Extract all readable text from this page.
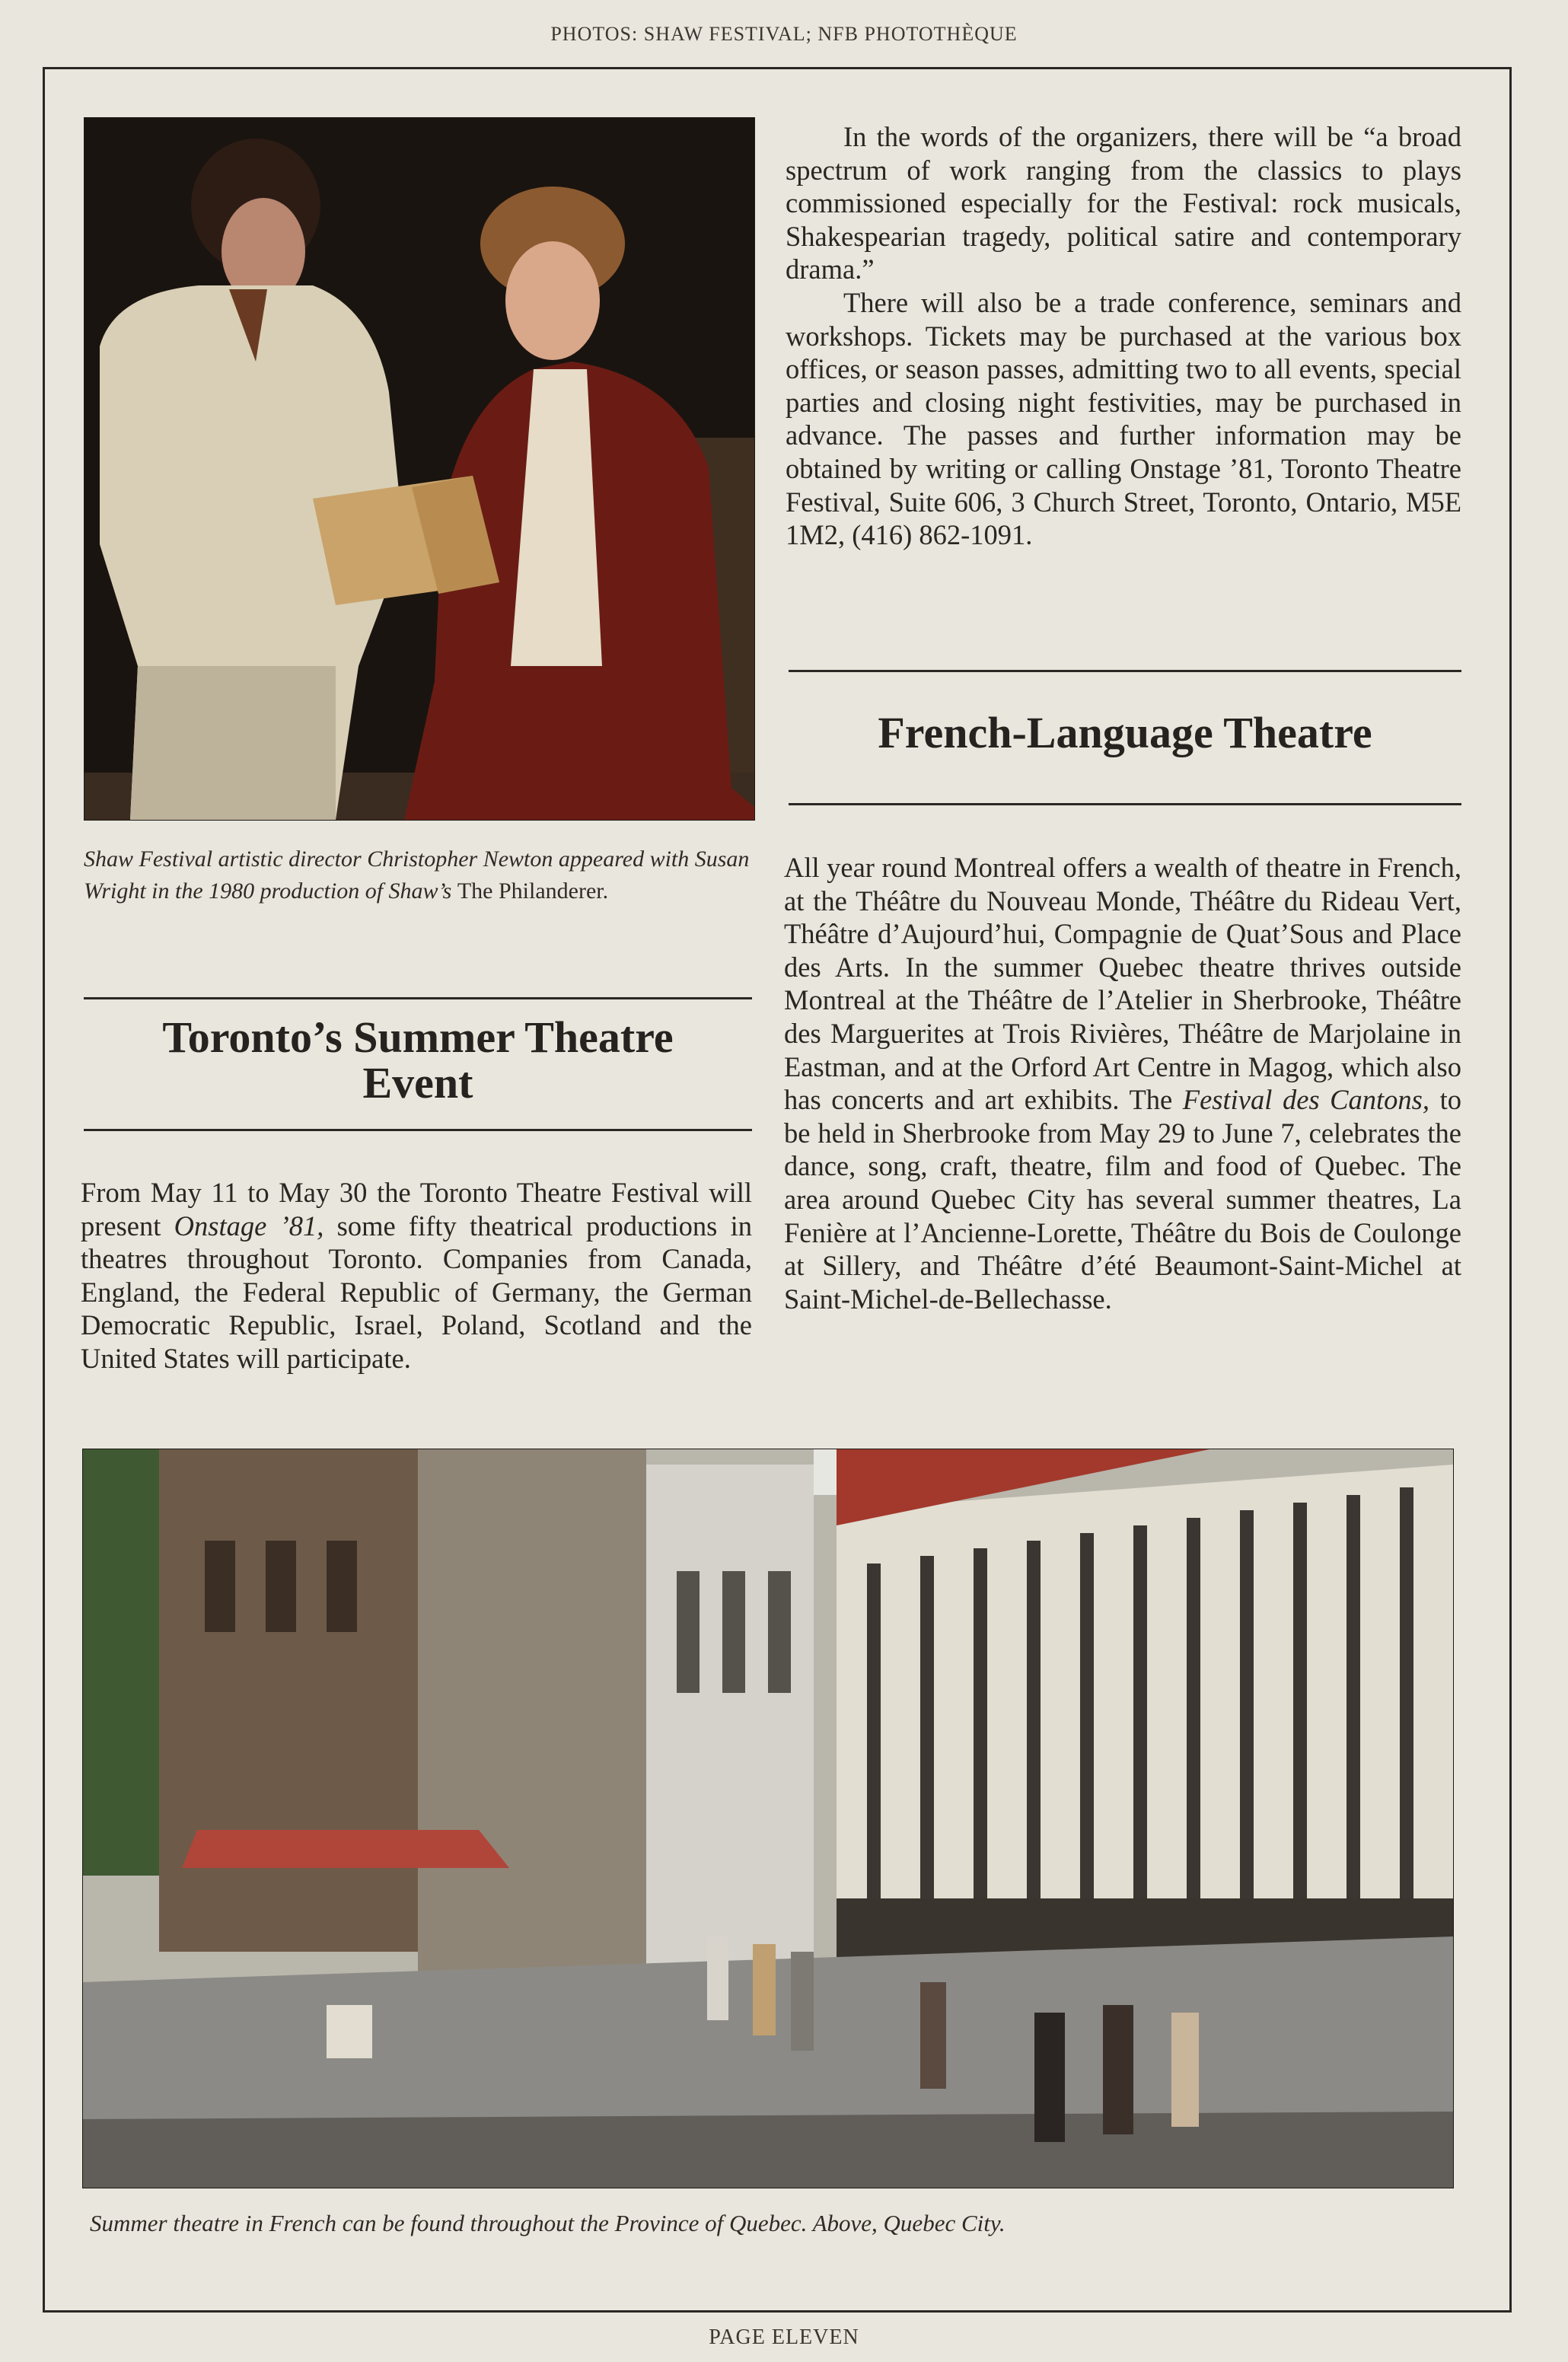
PHOTOS: SHAW FESTIVAL; NFB PHOTOTHÈQUE
Shaw Festival artistic director Christopher Newton appeared with Susan Wright in the 1980 production of Shaw’s The Philanderer.
Toronto’s Summer Theatre
Event
From May 11 to May 30 the Toronto Theatre Festival will present Onstage ’81, some fifty theatrical productions in theatres throughout Toronto. Companies from Canada, England, the Federal Republic of Germany, the German Democratic Republic, Israel, Poland, Scotland and the United States will participate.

In the words of the organizers, there will be “a broad spectrum of work ranging from the classics to plays commissioned especially for the Festival: rock musicals, Shakespearian tragedy, political satire and contemporary drama.”

There will also be a trade conference, seminars and workshops. Tickets may be purchased at the various box offices, or season passes, admitting two to all events, special parties and closing night festivities, may be purchased in advance. The passes and further information may be obtained by writing or calling Onstage ’81, Toronto Theatre Festival, Suite 606, 3 Church Street, Toronto, Ontario, M5E 1M2, (416) 862-1091.

French-Language Theatre
All year round Montreal offers a wealth of theatre in French, at the Théâtre du Nouveau Monde, Théâtre du Rideau Vert, Théâtre d’Aujourd’hui, Compagnie de Quat’Sous and Place des Arts. In the summer Quebec theatre thrives outside Montreal at the Théâtre de l’Atelier in Sherbrooke, Théâtre des Marguerites at Trois Rivières, Théâtre de Marjolaine in Eastman, and at the Orford Art Centre in Magog, which also has concerts and art exhibits. The Festival des Cantons, to be held in Sherbrooke from May 29 to June 7, celebrates the dance, song, craft, theatre, film and food of Quebec. The area around Quebec City has several summer theatres, La Fenière at l’Ancienne-Lorette, Théâtre du Bois de Coulonge at Sillery, and Théâtre d’été Beaumont-Saint-Michel at Saint-Michel-de-Bellechasse.
Summer theatre in French can be found throughout the Province of Quebec. Above, Quebec City.
PAGE ELEVEN
